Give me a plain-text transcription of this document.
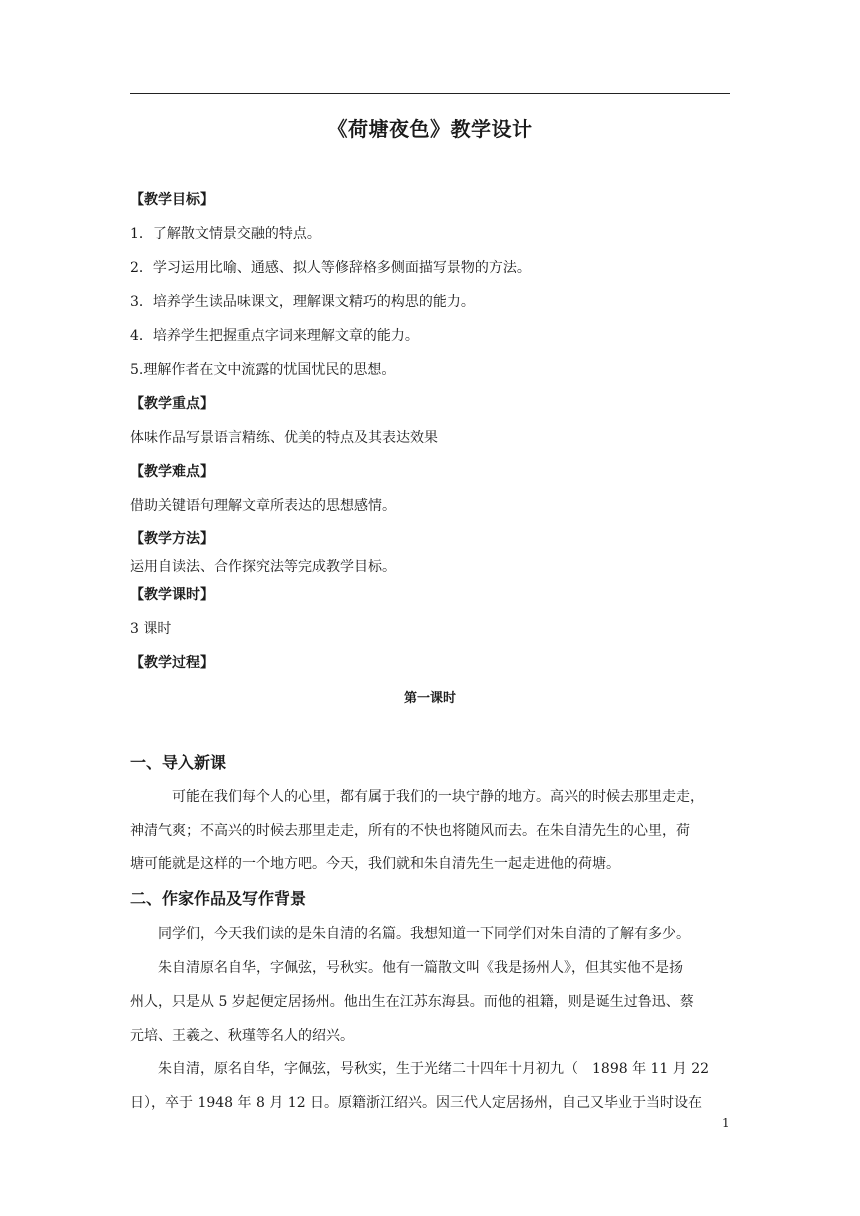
《荷塘夜色》教学设计
【教学目标】
1．了解散文情景交融的特点。
2．学习运用比喻、通感、拟人等修辞格多侧面描写景物的方法。
3．培养学生读品味课文，理解课文精巧的构思的能力。
4．培养学生把握重点字词来理解文章的能力。
5.理解作者在文中流露的忧国忧民的思想。
【教学重点】
体味作品写景语言精练、优美的特点及其表达效果
【教学难点】
借助关键语句理解文章所表达的思想感情。
【教学方法】
运用自读法、合作探究法等完成教学目标。
【教学课时】
3 课时
【教学过程】
第一课时
一、导入新课
可能在我们每个人的心里，都有属于我们的一块宁静的地方。高兴的时候去那里走走，
神清气爽；不高兴的时候去那里走走，所有的不快也将随风而去。在朱自清先生的心里，荷
塘可能就是这样的一个地方吧。今天，我们就和朱自清先生一起走进他的荷塘。
二、作家作品及写作背景
同学们，今天我们读的是朱自清的名篇。我想知道一下同学们对朱自清的了解有多少。
朱自清原名自华，字佩弦，号秋实。他有一篇散文叫《我是扬州人》，但其实他不是扬
州人，只是从 5 岁起便定居扬州。他出生在江苏东海县。而他的祖籍，则是诞生过鲁迅、蔡
元培、王羲之、秋瑾等名人的绍兴。
朱自清，原名自华，字佩弦，号秋实，生于光绪二十四年十月初九（　1898 年 11 月 22
日），卒于 1948 年 8 月 12 日。原籍浙江绍兴。因三代人定居扬州，自己又毕业于当时设在
1
